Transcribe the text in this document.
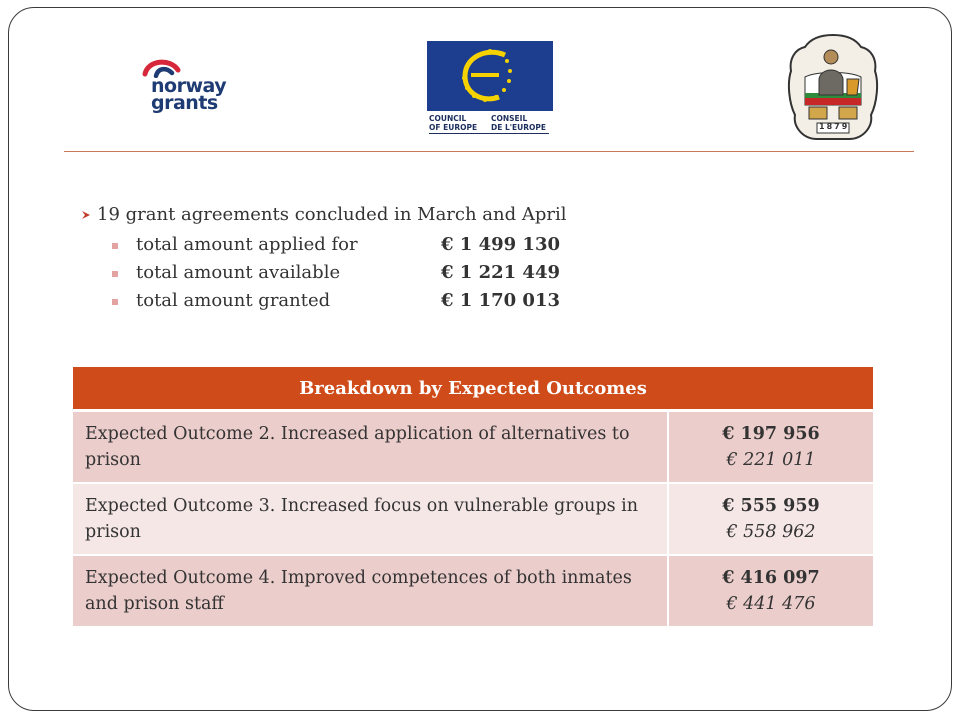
norway
grants
COUNCIL
OF EUROPE
CONSEIL
DE L'EUROPE	1879
19 grant agreements concluded in March and April
total amount applied for	€ 1 499 130
total amount available	€ 1 221 449
total amount granted	€ 1 170 013
Breakdown by Expected Outcomes	
Expected Outcome 2. Increased application of alternatives to prison	€ 197 956
€ 221 011

Expected Outcome 3. Increased focus on vulnerable groups in prison	€ 555 959
€ 558 962

Expected Outcome 4. Improved competences of both inmates and prison staff	€ 416 097
€ 441 476
